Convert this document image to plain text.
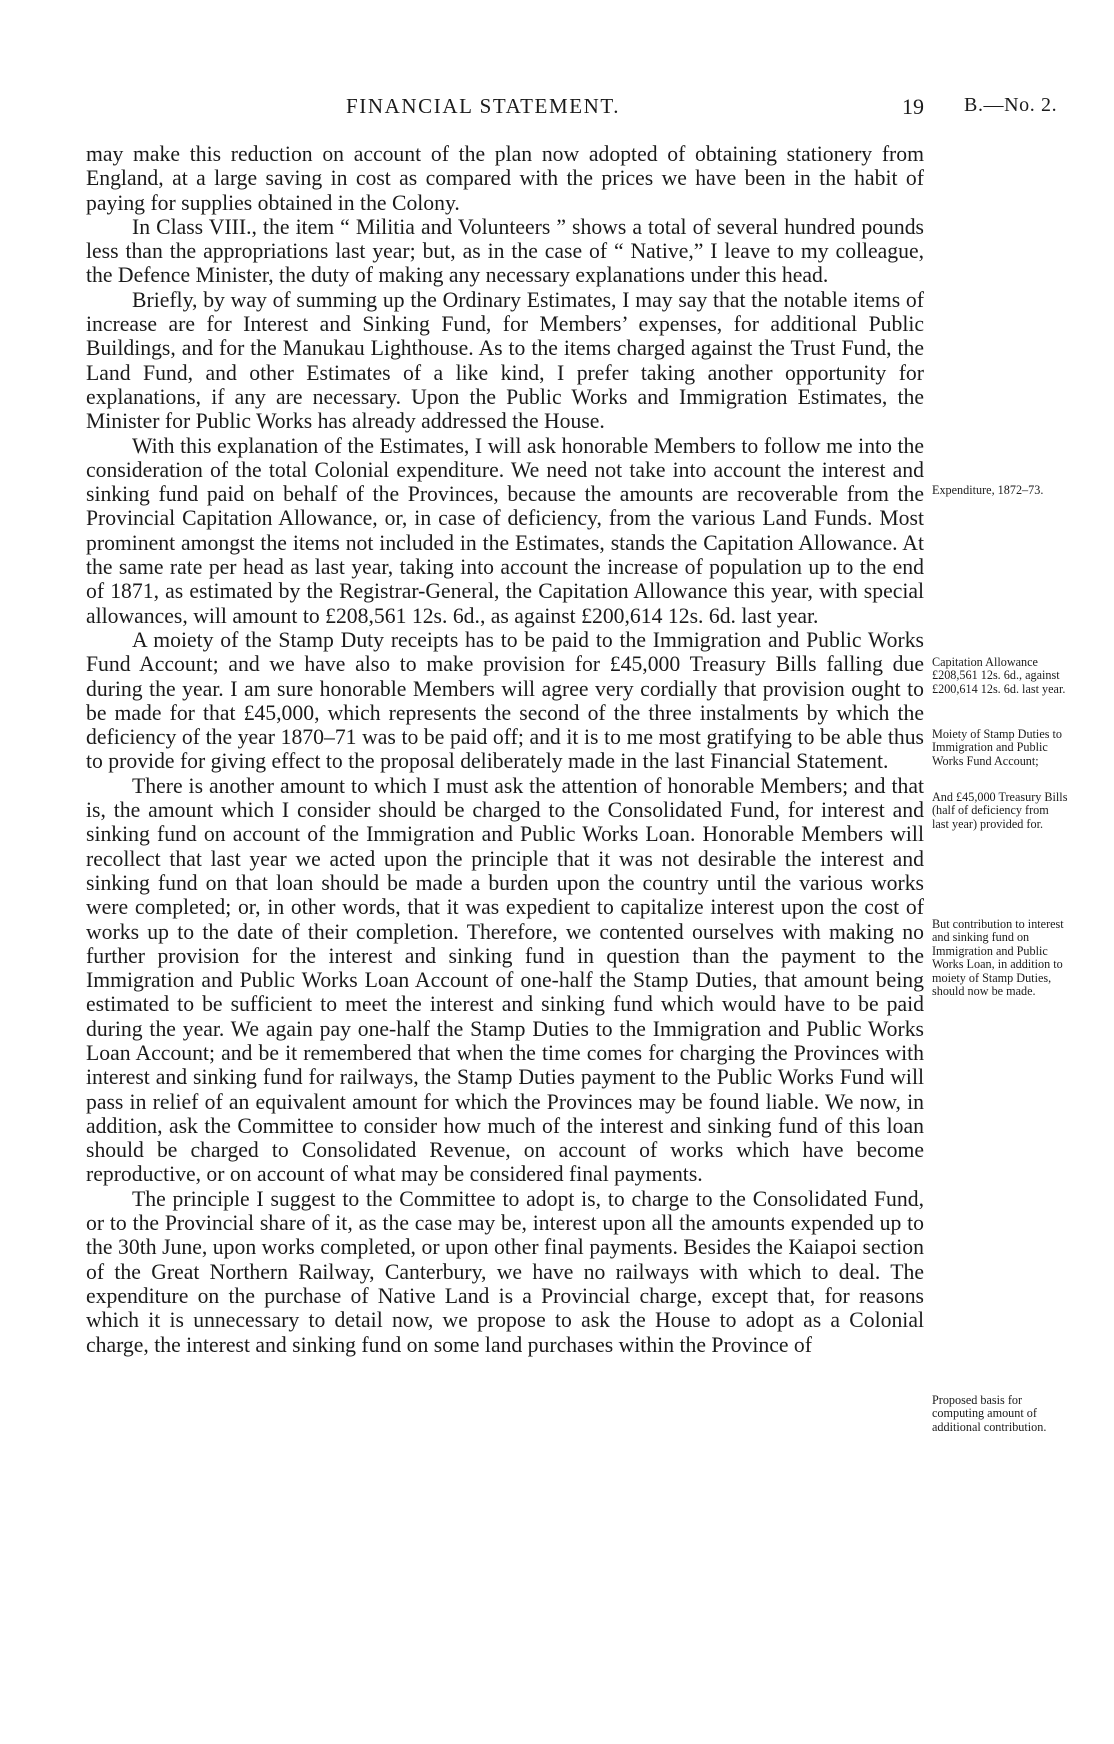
FINANCIAL STATEMENT.	19 B.—No. 2.

may make this reduction on account of the plan now adopted of obtaining stationery from England, at a large saving in cost as compared with the prices we have been in the habit of paying for supplies obtained in the Colony.

In Class VIII., the item “ Militia and Volunteers ” shows a total of several hundred pounds less than the appropriations last year; but, as in the case of “ Native,” I leave to my colleague, the Defence Minister, the duty of making any necessary explanations under this head.

Briefly, by way of summing up the Ordinary Estimates, I may say that the notable items of increase are for Interest and Sinking Fund, for Members’ expenses, for additional Public Buildings, and for the Manukau Lighthouse. As to the items charged against the Trust Fund, the Land Fund, and other Estimates of a like kind, I prefer taking another opportunity for explanations, if any are necessary. Upon the Public Works and Immigration Estimates, the Minister for Public Works has already addressed the House.

With this explanation of the Estimates, I will ask honorable Members to follow me into the consideration of the total Colonial expenditure. We need not take into account the interest and sinking fund paid on behalf of the Provinces, because the amounts are recoverable from the Provincial Capitation Allowance, or, in case of deficiency, from the various Land Funds. Most prominent amongst the items not included in the Estimates, stands the Capitation Allowance. At the same rate per head as last year, taking into account the increase of population up to the end of 1871, as estimated by the Registrar-General, the Capitation Allowance this year, with special allowances, will amount to £208,561 12s. 6d., as against £200,614 12s. 6d. last year.

A moiety of the Stamp Duty receipts has to be paid to the Immigration and Public Works Fund Account; and we have also to make provision for £45,000 Treasury Bills falling due during the year. I am sure honorable Members will agree very cordially that provision ought to be made for that £45,000, which represents the second of the three instalments by which the deficiency of the year 1870–71 was to be paid off; and it is to me most gratifying to be able thus to provide for giving effect to the proposal deliberately made in the last Financial Statement.

There is another amount to which I must ask the attention of honorable Members; and that is, the amount which I consider should be charged to the Consolidated Fund, for interest and sinking fund on account of the Immigration and Public Works Loan. Honorable Members will recollect that last year we acted upon the principle that it was not desirable the interest and sinking fund on that loan should be made a burden upon the country until the various works were completed; or, in other words, that it was expedient to capitalize interest upon the cost of works up to the date of their completion. Therefore, we contented ourselves with making no further provision for the interest and sinking fund in question than the payment to the Immigration and Public Works Loan Account of one-half the Stamp Duties, that amount being estimated to be sufficient to meet the interest and sinking fund which would have to be paid during the year. We again pay one-half the Stamp Duties to the Immigration and Public Works Loan Account; and be it remembered that when the time comes for charging the Provinces with interest and sinking fund for railways, the Stamp Duties payment to the Public Works Fund will pass in relief of an equivalent amount for which the Provinces may be found liable. We now, in addition, ask the Committee to consider how much of the interest and sinking fund of this loan should be charged to Consolidated Revenue, on account of works which have become reproductive, or on account of what may be considered final payments.

The principle I suggest to the Committee to adopt is, to charge to the Consolidated Fund, or to the Provincial share of it, as the case may be, interest upon all the amounts expended up to the 30th June, upon works completed, or upon other final payments. Besides the Kaiapoi section of the Great Northern Railway, Canterbury, we have no railways with which to deal. The expenditure on the purchase of Native Land is a Provincial charge, except that, for reasons which it is unnecessary to detail now, we propose to ask the House to adopt as a Colonial charge, the interest and sinking fund on some land purchases within the Province of

Expenditure, 1872–73.
Capitation Allowance £208,561 12s. 6d., against £200,614 12s. 6d. last year.
Moiety of Stamp Duties to Immigration and Public Works Fund Account;
And £45,000 Treasury Bills (half of deficiency from last year) provided for.
But contribution to interest and sinking fund on Immigration and Public Works Loan, in addition to moiety of Stamp Duties, should now be made.
Proposed basis for computing amount of additional contribution.
